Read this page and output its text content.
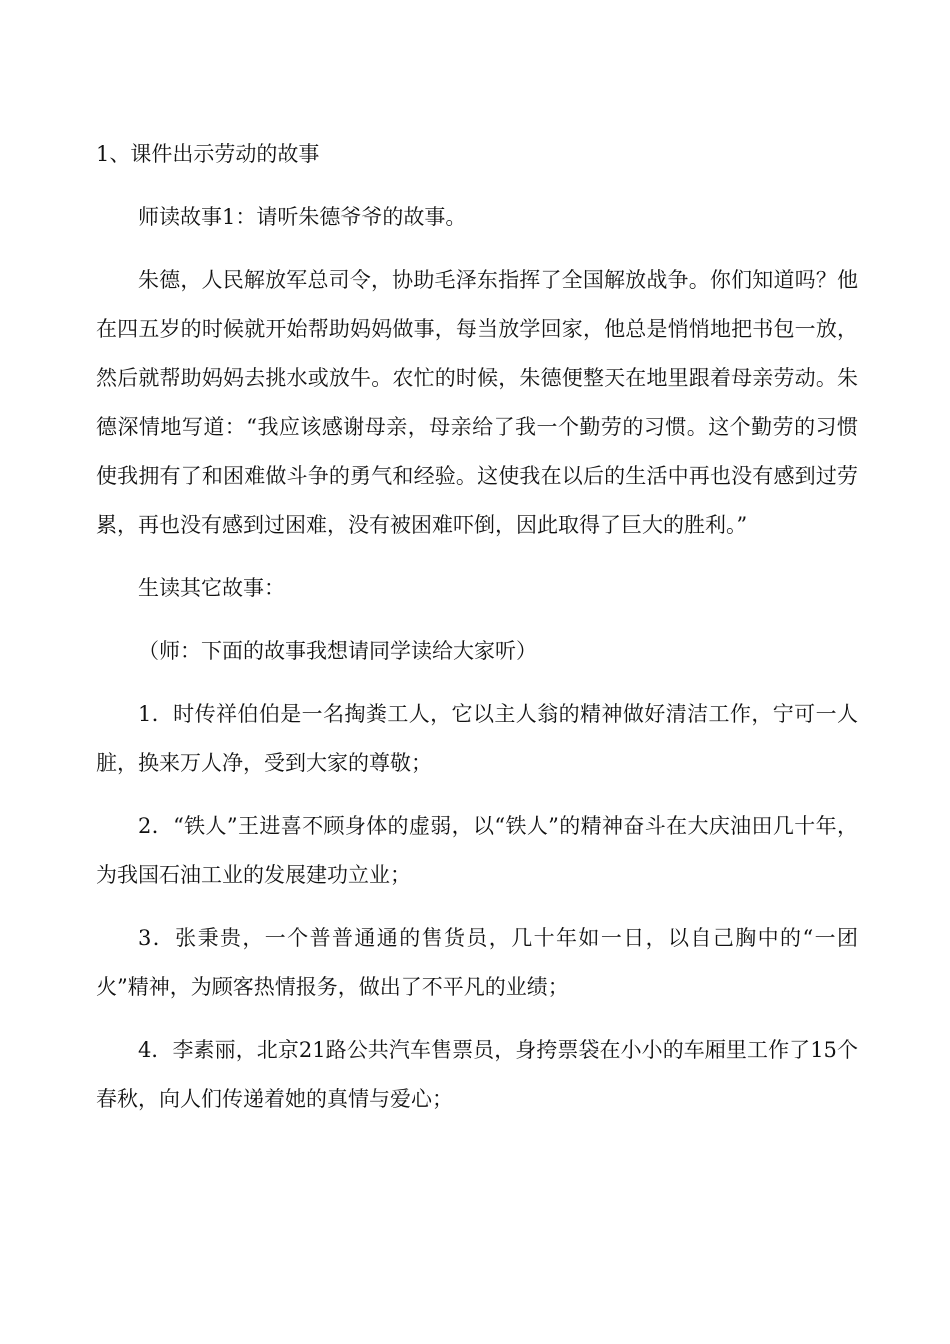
1、课件出示劳动的故事

师读故事1：请听朱德爷爷的故事。

朱德，人民解放军总司令，协助毛泽东指挥了全国解放战争。你们知道吗？他在四五岁的时候就开始帮助妈妈做事，每当放学回家，他总是悄悄地把书包一放，然后就帮助妈妈去挑水或放牛。农忙的时候，朱德便整天在地里跟着母亲劳动。朱德深情地写道：“我应该感谢母亲，母亲给了我一个勤劳的习惯。这个勤劳的习惯使我拥有了和困难做斗争的勇气和经验。这使我在以后的生活中再也没有感到过劳累，再也没有感到过困难，没有被困难吓倒，因此取得了巨大的胜利。”

生读其它故事：

（师：下面的故事我想请同学读给大家听）

1．时传祥伯伯是一名掏粪工人，它以主人翁的精神做好清洁工作，宁可一人脏，换来万人净，受到大家的尊敬；

2．“铁人”王进喜不顾身体的虚弱，以“铁人”的精神奋斗在大庆油田几十年，为我国石油工业的发展建功立业；

3．张秉贵，一个普普通通的售货员，几十年如一日，以自己胸中的“一团火”精神，为顾客热情报务，做出了不平凡的业绩；

4．李素丽，北京21路公共汽车售票员，身挎票袋在小小的车厢里工作了15个春秋，向人们传递着她的真情与爱心；
